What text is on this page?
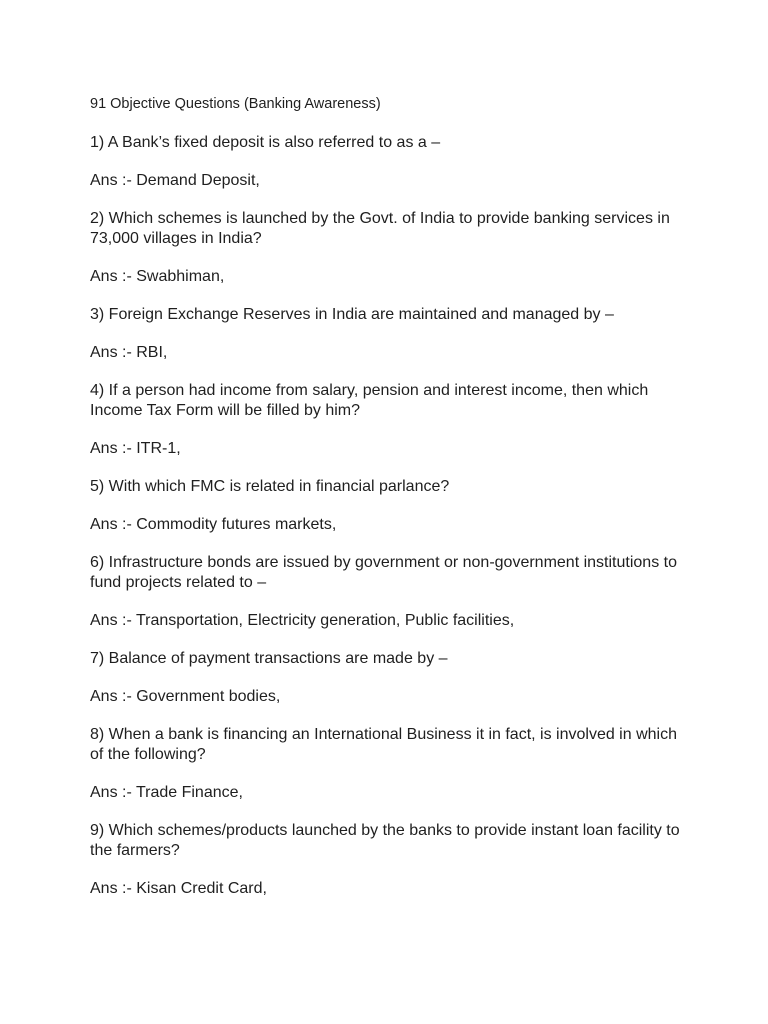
91 Objective Questions (Banking Awareness)
1) A Bank’s fixed deposit is also referred to as a –
Ans :- Demand Deposit,
2) Which schemes is launched by the Govt. of India to provide banking services in 73,000 villages in India?
Ans :- Swabhiman,
3) Foreign Exchange Reserves in India are maintained and managed by –
Ans :- RBI,
4) If a person had income from salary, pension and interest income, then which Income Tax Form will be filled by him?
Ans :- ITR-1,
5) With which FMC is related in financial parlance?
Ans :- Commodity futures markets,
6) Infrastructure bonds are issued by government or non-government institutions to fund projects related to –
Ans :- Transportation, Electricity generation, Public facilities,
7) Balance of payment transactions are made by –
Ans :- Government bodies,
8) When a bank is financing an International Business it in fact, is involved in which of the following?
Ans :- Trade Finance,
9) Which schemes/products launched by the banks to provide instant loan facility to the farmers?
Ans :- Kisan Credit Card,
